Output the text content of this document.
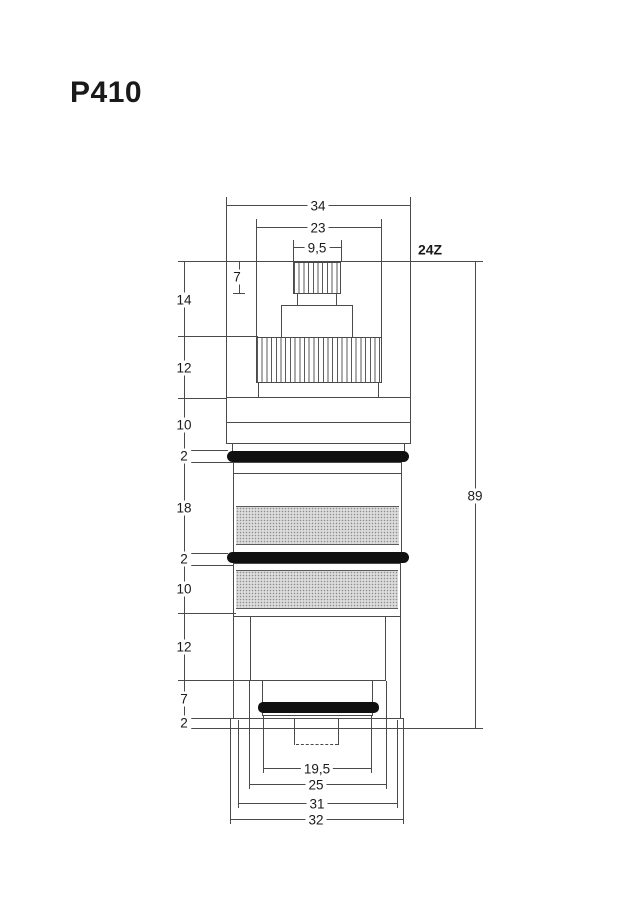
P410
34
23
9,5
7
24Z
14
12
10
2
18
2
10
12
7
2
89
19,5
25
31
32
